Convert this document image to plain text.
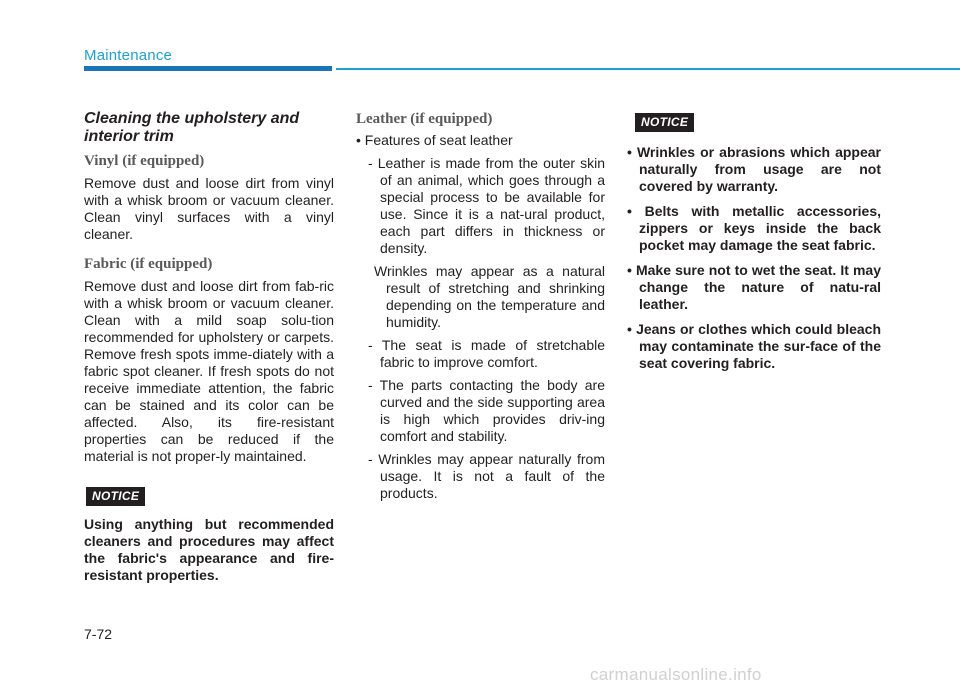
Maintenance
Cleaning the upholstery and interior trim
Vinyl (if equipped)

Remove dust and loose dirt from vinyl with a whisk broom or vacuum cleaner. Clean vinyl surfaces with a vinyl cleaner.

Fabric (if equipped)

Remove dust and loose dirt from fab-ric with a whisk broom or vacuum cleaner. Clean with a mild soap solu-tion recommended for upholstery or carpets. Remove fresh spots imme-diately with a fabric spot cleaner. If fresh spots do not receive immediate attention, the fabric can be stained and its color can be affected. Also, its fire-resistant properties can be reduced if the material is not proper-ly maintained.

NOTICE

Using anything but recommended cleaners and procedures may affect the fabric's appearance and fire-resistant properties.

Leather (if equipped)

• Features of seat leather

- Leather is made from the outer skin of an animal, which goes through a special process to be available for use. Since it is a nat-ural product, each part differs in thickness or density.

Wrinkles may appear as a natural result of stretching and shrinking depending on the temperature and humidity.

- The seat is made of stretchable fabric to improve comfort.

- The parts contacting the body are curved and the side supporting area is high which provides driv-ing comfort and stability.

- Wrinkles may appear naturally from usage. It is not a fault of the products.

NOTICE

• Wrinkles or abrasions which appear naturally from usage are not covered by warranty.

• Belts with metallic accessories, zippers or keys inside the back pocket may damage the seat fabric.

• Make sure not to wet the seat. It may change the nature of natu-ral leather.

• Jeans or clothes which could bleach may contaminate the sur-face of the seat covering fabric.

7-72
carmanualsonline.info
